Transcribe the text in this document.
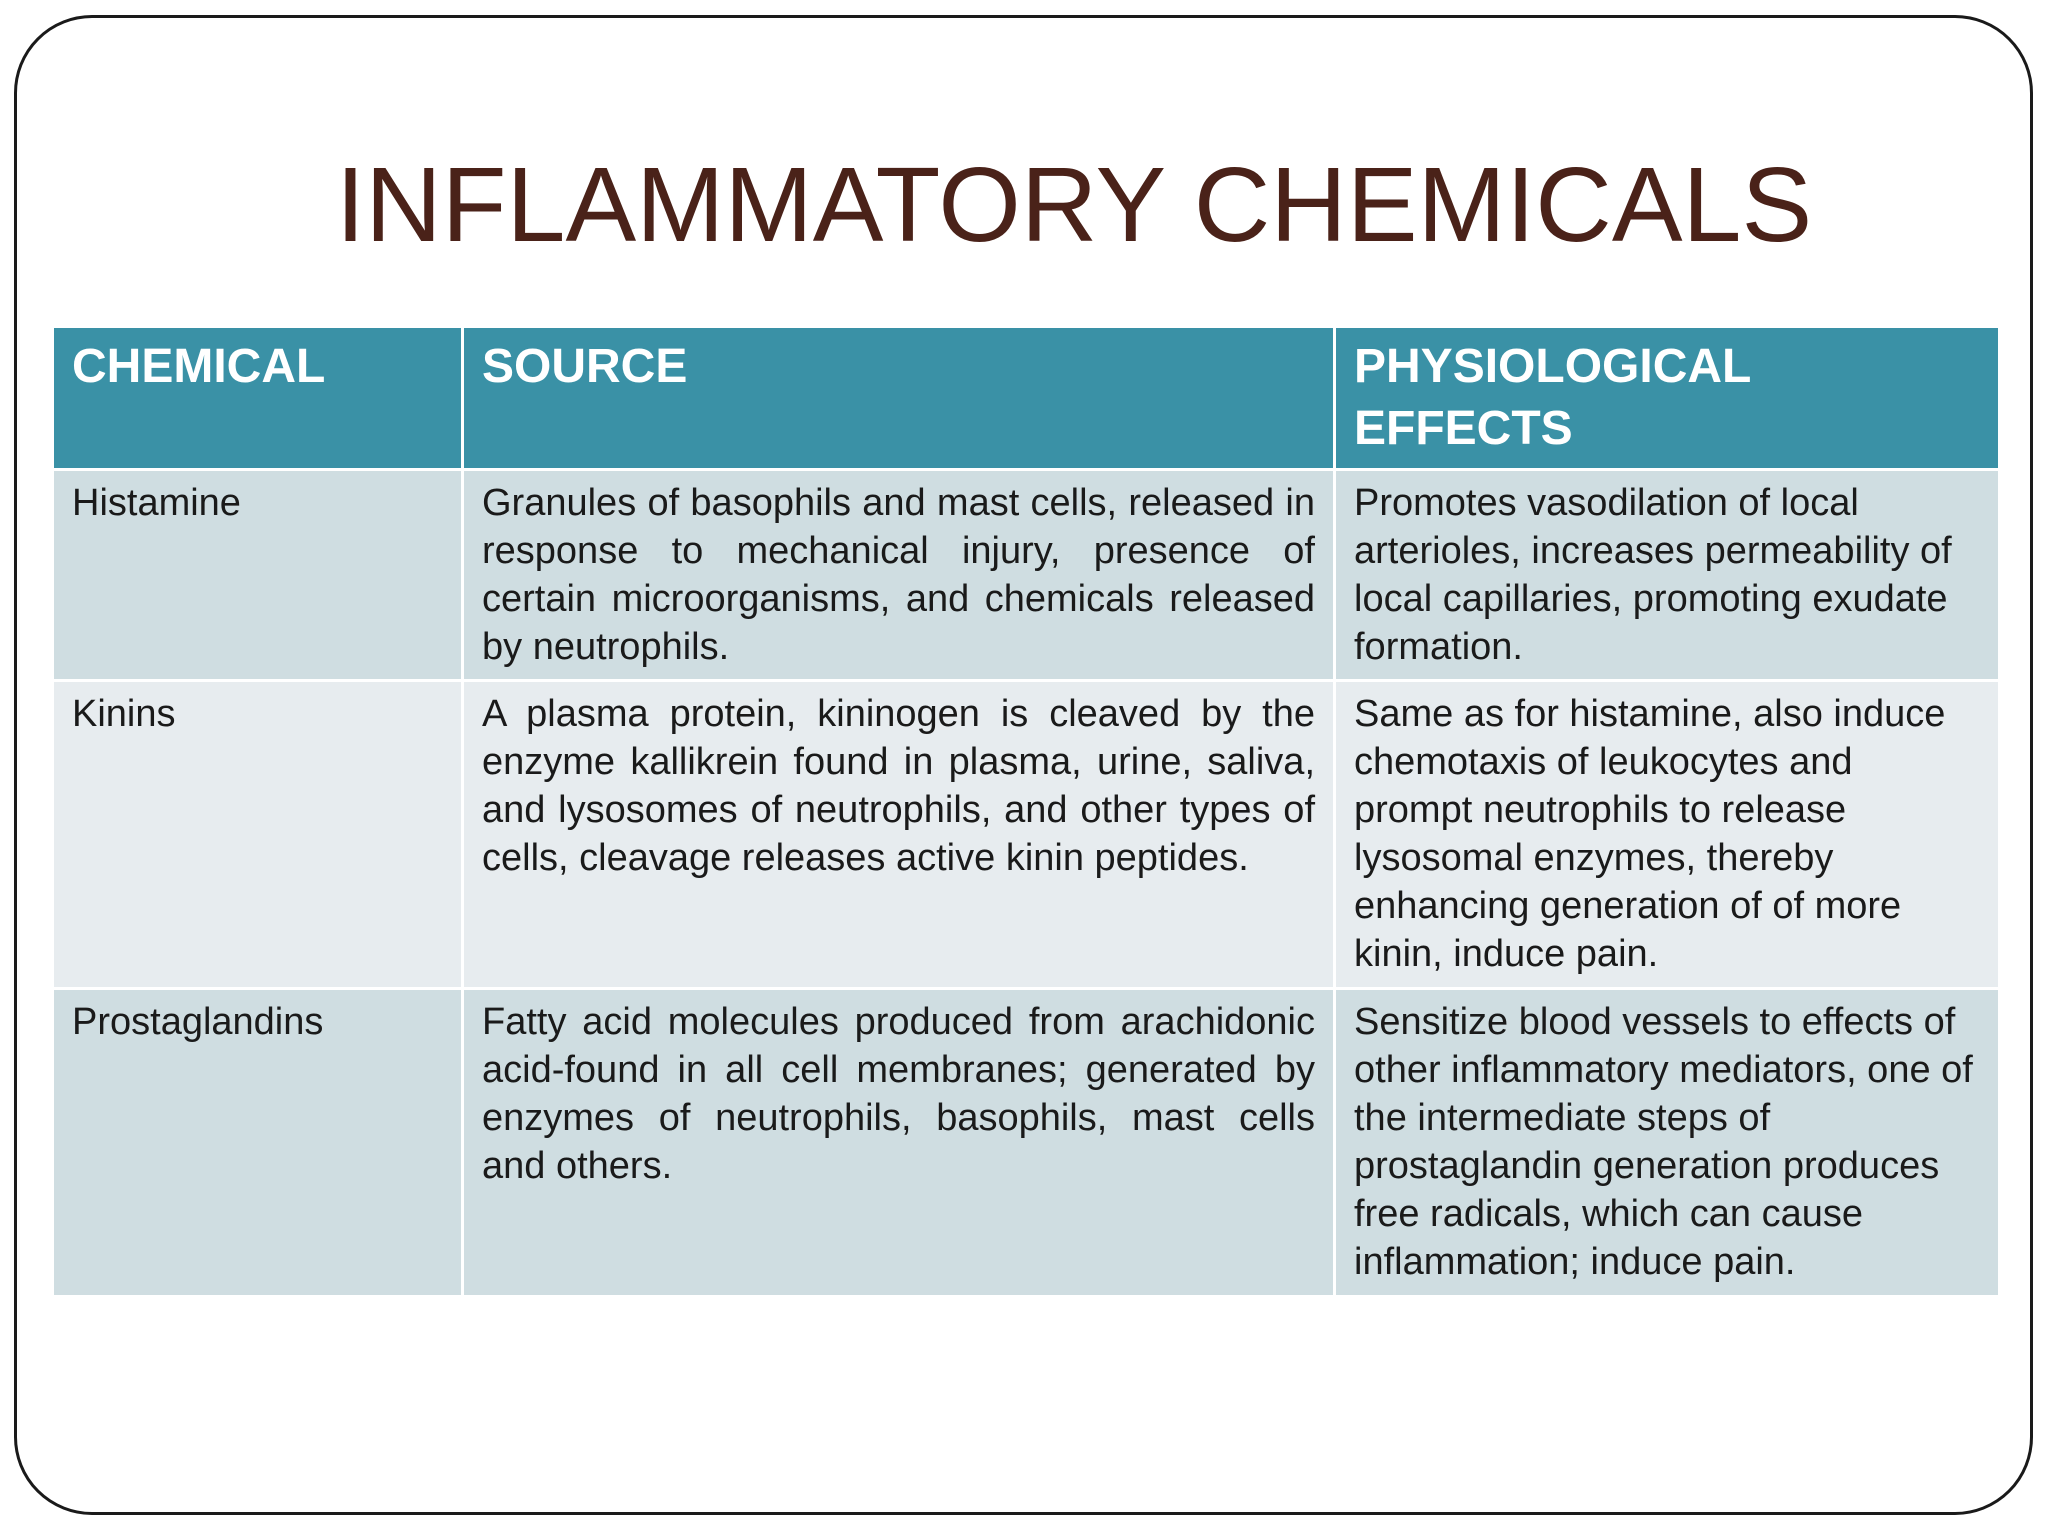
INFLAMMATORY CHEMICALS
CHEMICAL	SOURCE	PHYSIOLOGICAL EFFECTS
Histamine	Granules of basophils and mast cells, released in response to mechanical injury, presence of certain microorganisms, and chemicals released by neutrophils.	Promotes vasodilation of local arterioles, increases permeability of local capillaries, promoting exudate formation.
Kinins	A plasma protein, kininogen is cleaved by the enzyme kallikrein found in plasma, urine, saliva, and lysosomes of neutrophils, and other types of cells, cleavage releases active kinin peptides.	Same as for histamine, also induce chemotaxis of leukocytes and prompt neutrophils to release lysosomal enzymes, thereby enhancing generation of of more kinin, induce pain.
Prostaglandins	Fatty acid molecules produced from arachidonic acid-found in all cell membranes; generated by enzymes of neutrophils, basophils, mast cells and others.	Sensitize blood vessels to effects of other inflammatory mediators, one of the intermediate steps of prostaglandin generation produces free radicals, which can cause inflammation; induce pain.
